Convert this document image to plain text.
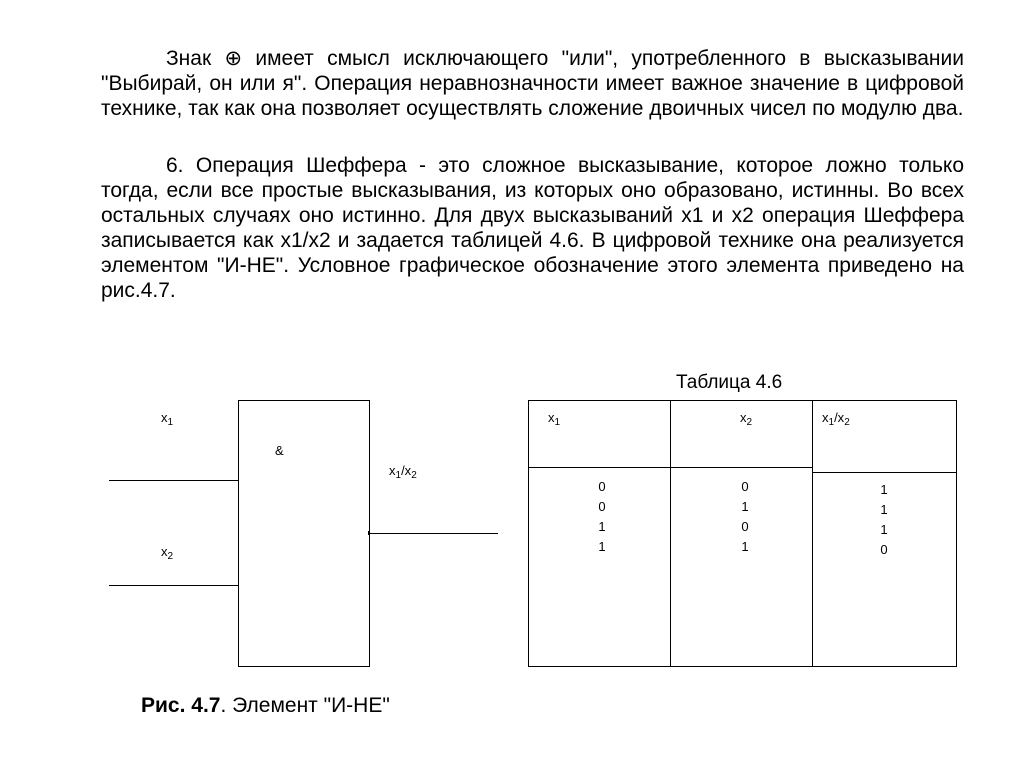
Знак ⊕ имеет смысл исключающего "или", употребленного в высказывании "Выбирай, он или я". Операция неравнозначности имеет важное значение в цифровой технике, так как она позволяет осуществлять сложение двоичных чисел по модулю два.

6. Операция Шеффера - это сложное высказывание, которое ложно только тогда, если все простые высказывания, из которых оно образовано, истинны. Во всех остальных случаях оно истинно. Для двух высказываний х1 и х2 операция Шеффера записывается как х1/х2 и задается таблицей 4.6. В цифровой технике она реализуется элементом "И-НЕ". Условное графическое обозначение этого элемента приведено на рис.4.7.

$x_1$
$x_2$
&
$x_1/x_2$
Рис. 4.7. Элемент "И-НЕ"
Таблица 4.6
$x_1$	$x_2$	$x_1/x_2$
0
0
1
1
0
1
0
1
1
1
1
0
